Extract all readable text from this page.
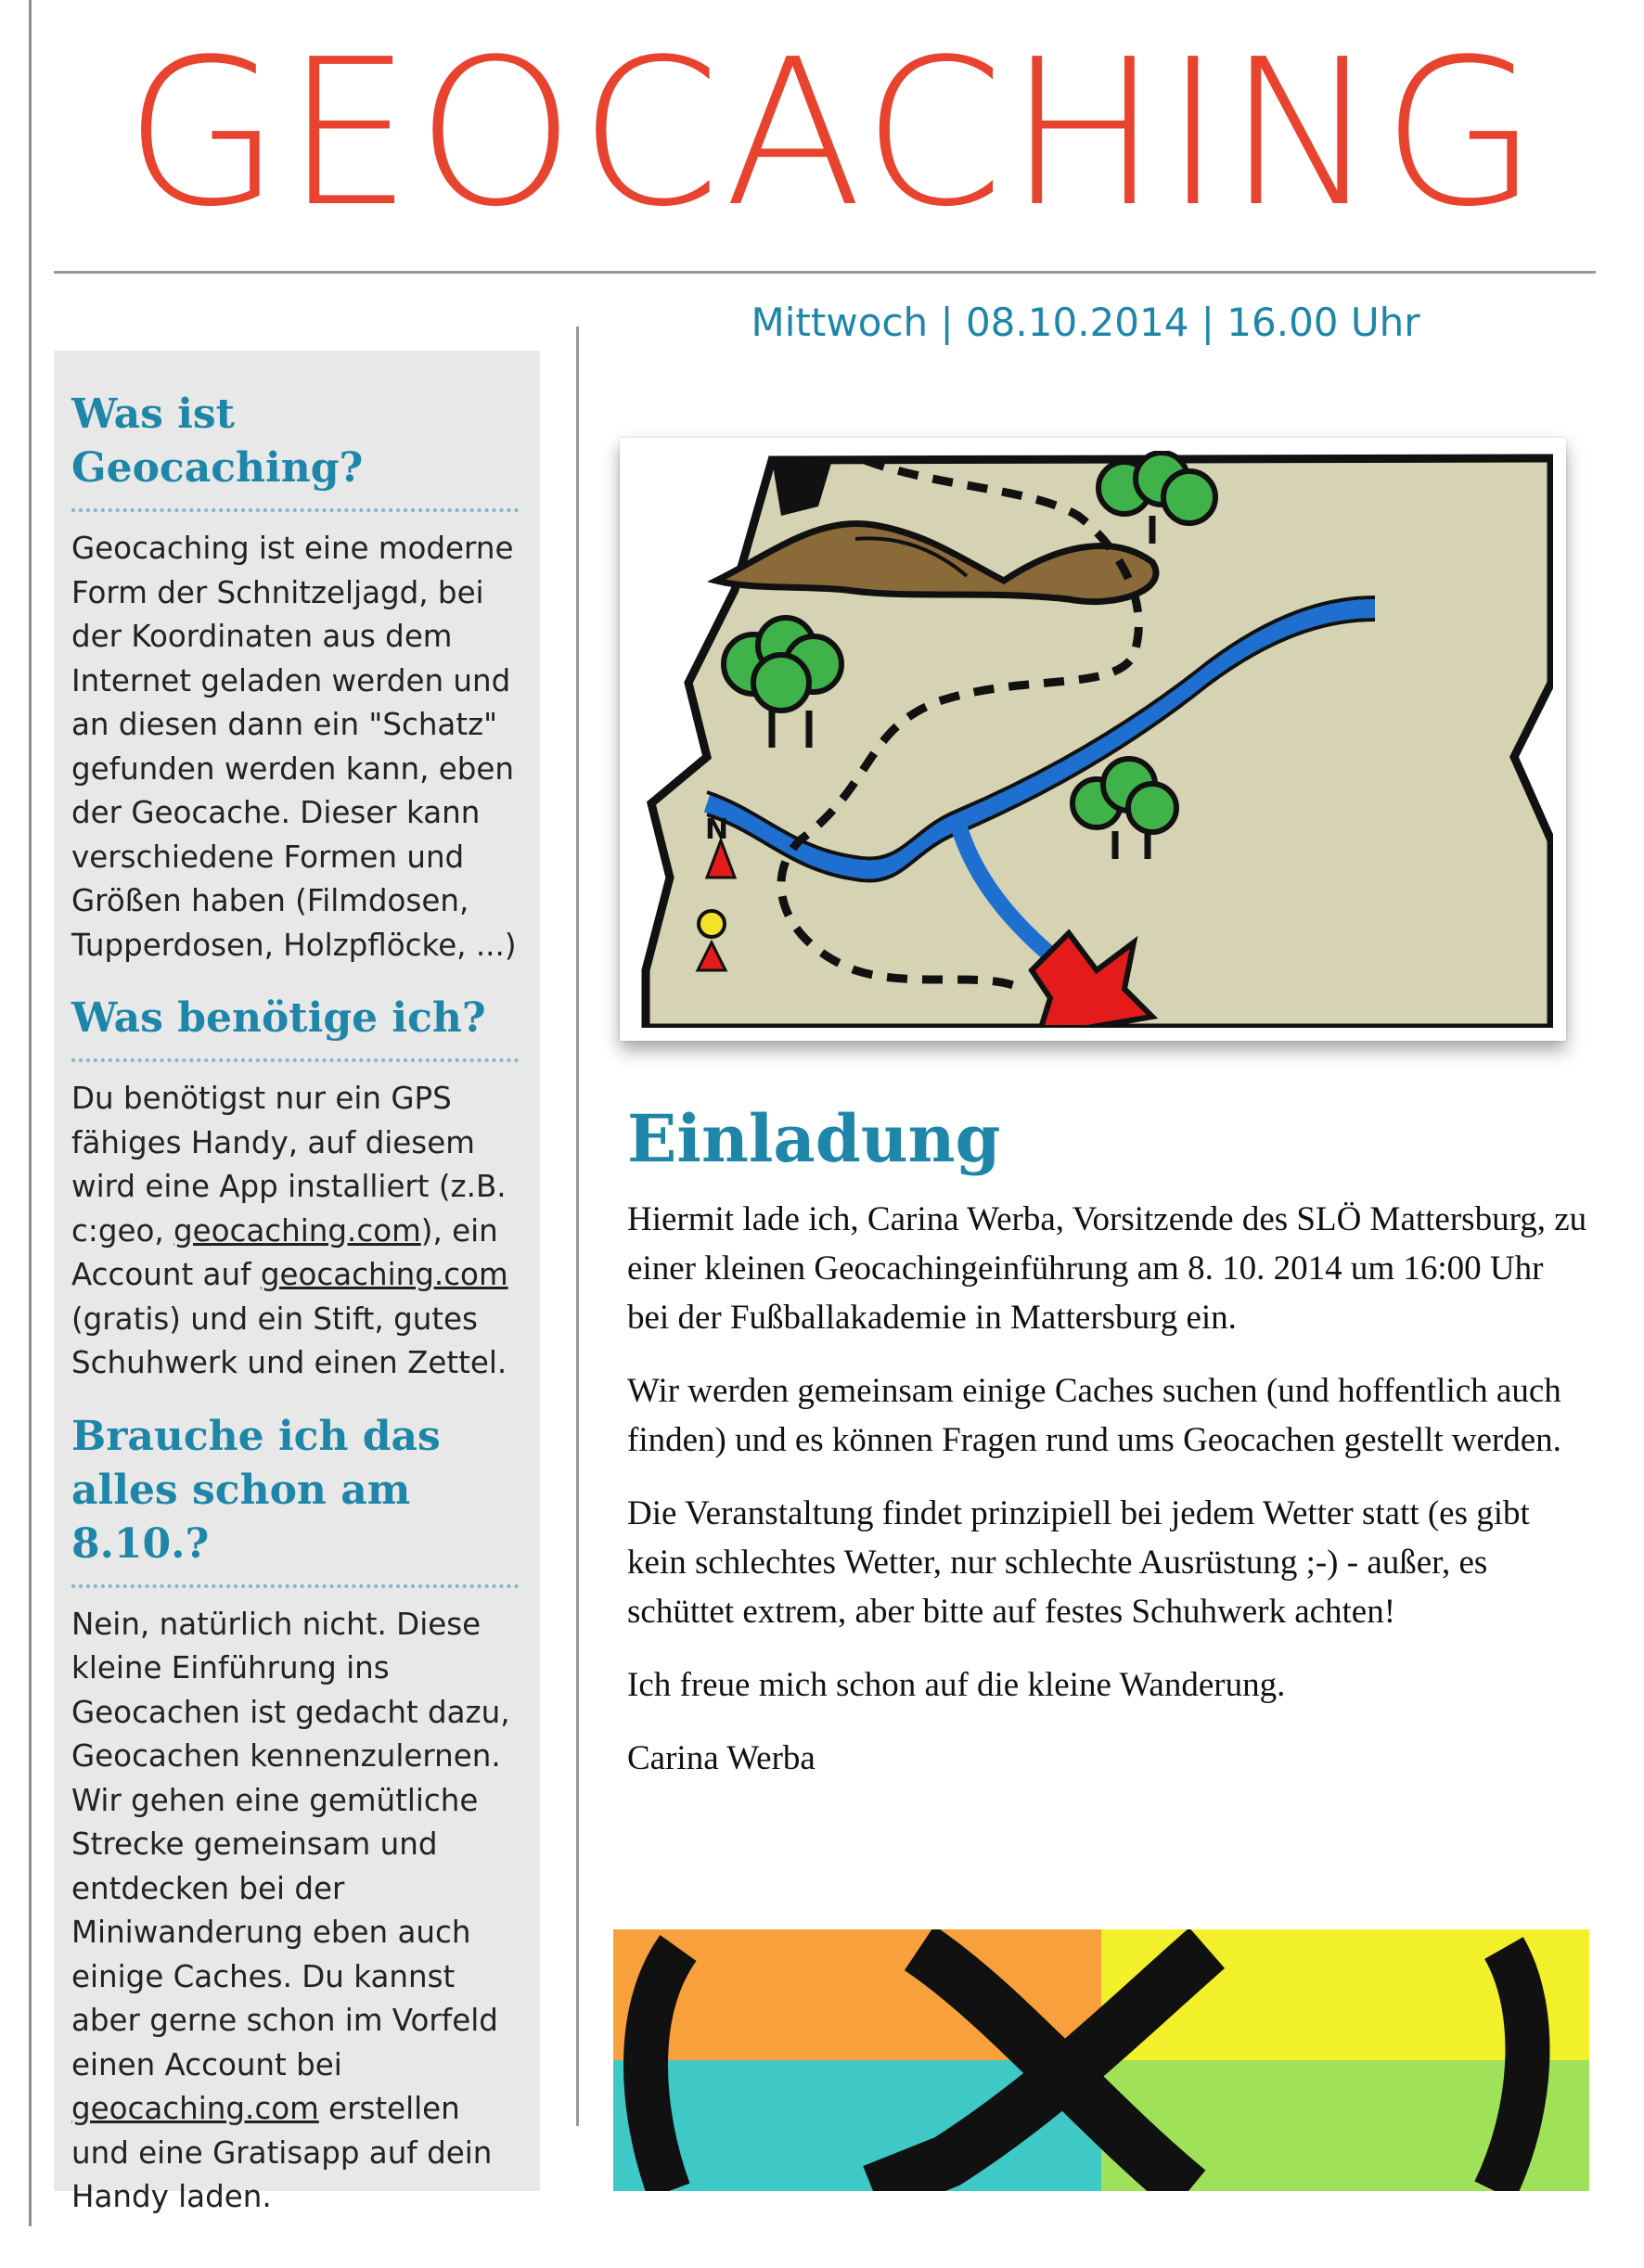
GEOCACHING
Mittwoch | 08.10.2014 | 16.00 Uhr
Was ist Geocaching?

Geocaching ist eine moderne
Form der Schnitzeljagd, bei
der Koordinaten aus dem
Internet geladen werden und
an diesen dann ein "Schatz"
gefunden werden kann, eben
der Geocache. Dieser kann
verschiedene Formen und
Größen haben (Filmdosen,
Tupperdosen, Holzpflöcke, ...)

Was benötige ich?

Du benötigst nur ein GPS fähiges Handy, auf diesem wird eine App installiert (z.B. c:geo, geocaching.com), ein Account auf geocaching.com (gratis) und ein Stift, gutes Schuhwerk und einen Zettel.

Brauche ich das
alles schon am 8.10.?

Nein, natürlich nicht. Diese kleine Einführung ins Geocachen ist gedacht dazu, Geocachen kennenzulernen. Wir gehen eine gemütliche Strecke gemeinsam und entdecken bei der Miniwanderung eben auch einige Caches. Du kannst aber gerne schon im Vorfeld einen Account bei geocaching.com erstellen und eine Gratisapp auf dein Handy laden.

N
Einladung

Hiermit lade ich, Carina Werba, Vorsitzende des SLÖ Mattersburg, zu einer kleinen Geocachingeinführung am 8. 10. 2014 um 16:00 Uhr bei der Fußballakademie in Mattersburg ein.

Wir werden gemeinsam einige Caches suchen (und hoffentlich auch finden) und es können Fragen rund ums Geocachen gestellt werden.

Die Veranstaltung findet prinzipiell bei jedem Wetter statt (es gibt kein schlechtes Wetter, nur schlechte Ausrüstung ;-) - außer, es schüttet extrem, aber bitte auf festes Schuhwerk achten!

Ich freue mich schon auf die kleine Wanderung.

Carina Werba
